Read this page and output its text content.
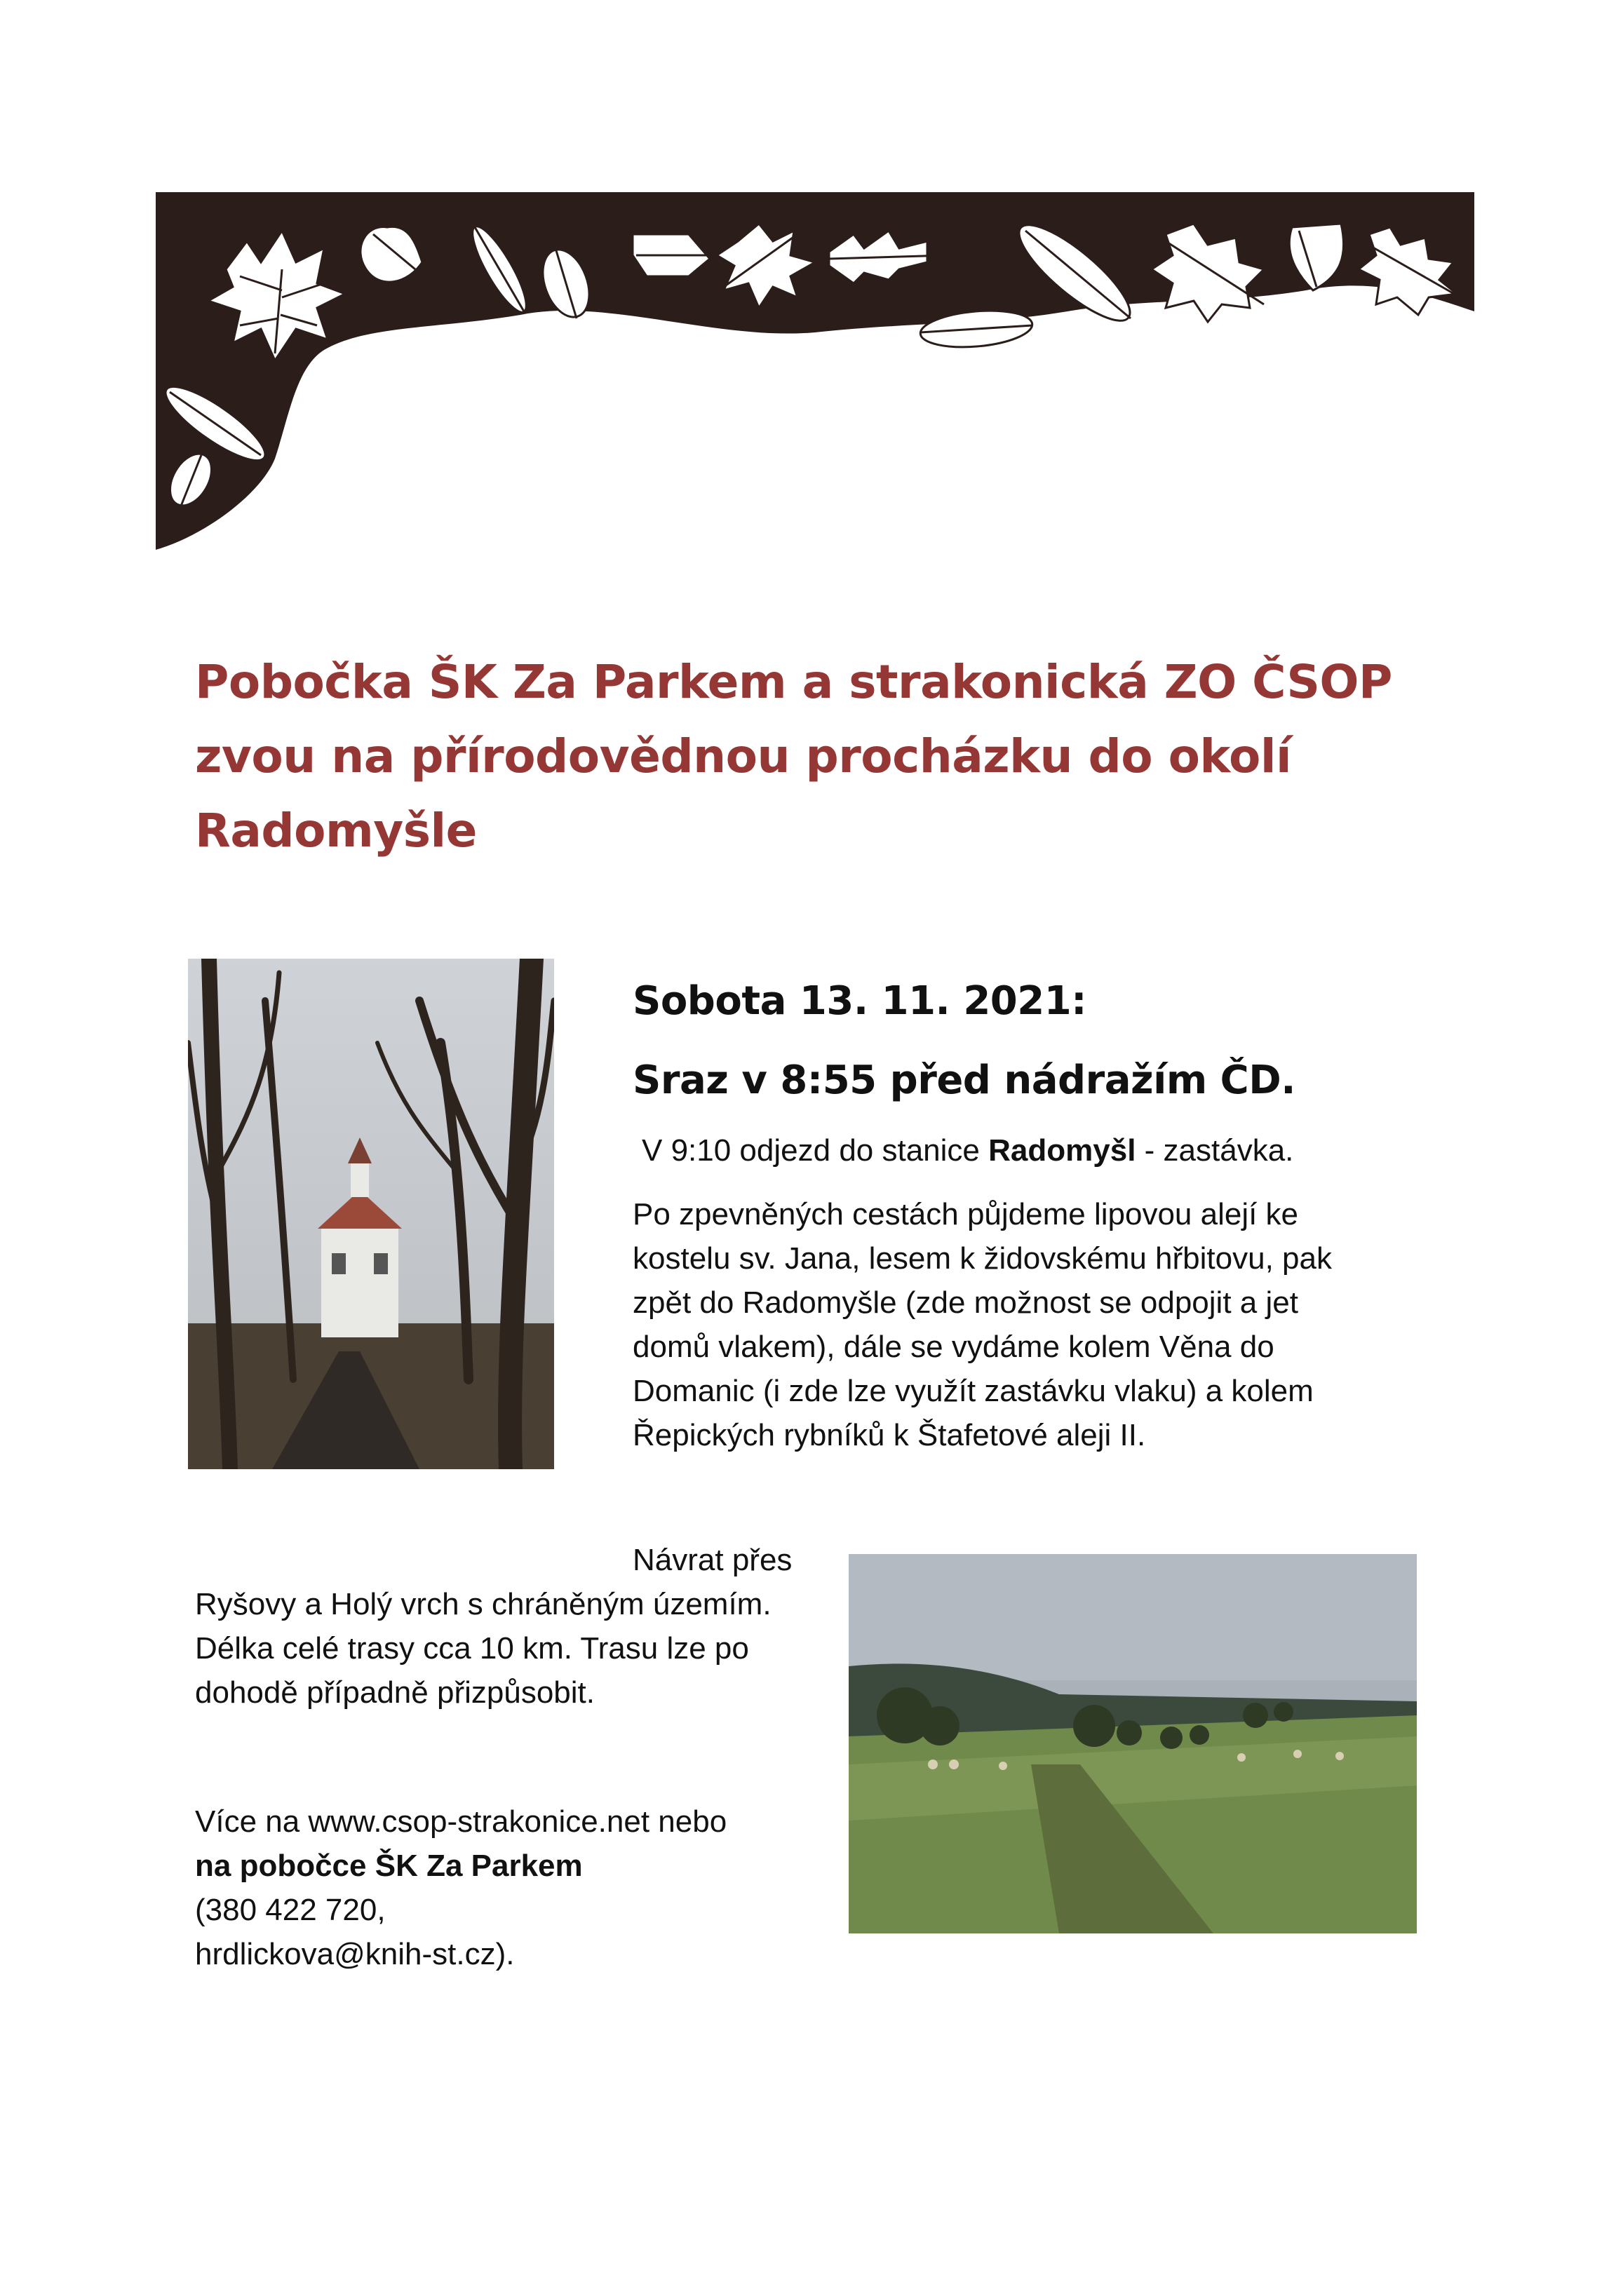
Pobočka ŠK Za Parkem a strakonická ZO ČSOP
zvou na přírodovědnou procházku do okolí
Radomyšle
Sobota 13. 11. 2021:
Sraz v 8:55 před nádražím ČD.
V 9:10 odjezd do stanice Radomyšl - zastávka.
Po zpevněných cestách půjdeme lipovou alejí ke
kostelu sv. Jana, lesem k židovskému hřbitovu, pak
zpět do Radomyšle (zde možnost se odpojit a jet
domů vlakem), dále se vydáme kolem Věna do
Domanic (i zde lze využít zastávku vlaku) a kolem
Řepických rybníků k Štafetové aleji II.
Návrat přes
Ryšovy a Holý vrch s chráněným územím.
Délka celé trasy cca 10 km. Trasu lze po
dohodě případně přizpůsobit.
Více na www.csop-strakonice.net nebo
na pobočce ŠK Za Parkem
(380 422 720,
hrdlickova@knih-st.cz).
